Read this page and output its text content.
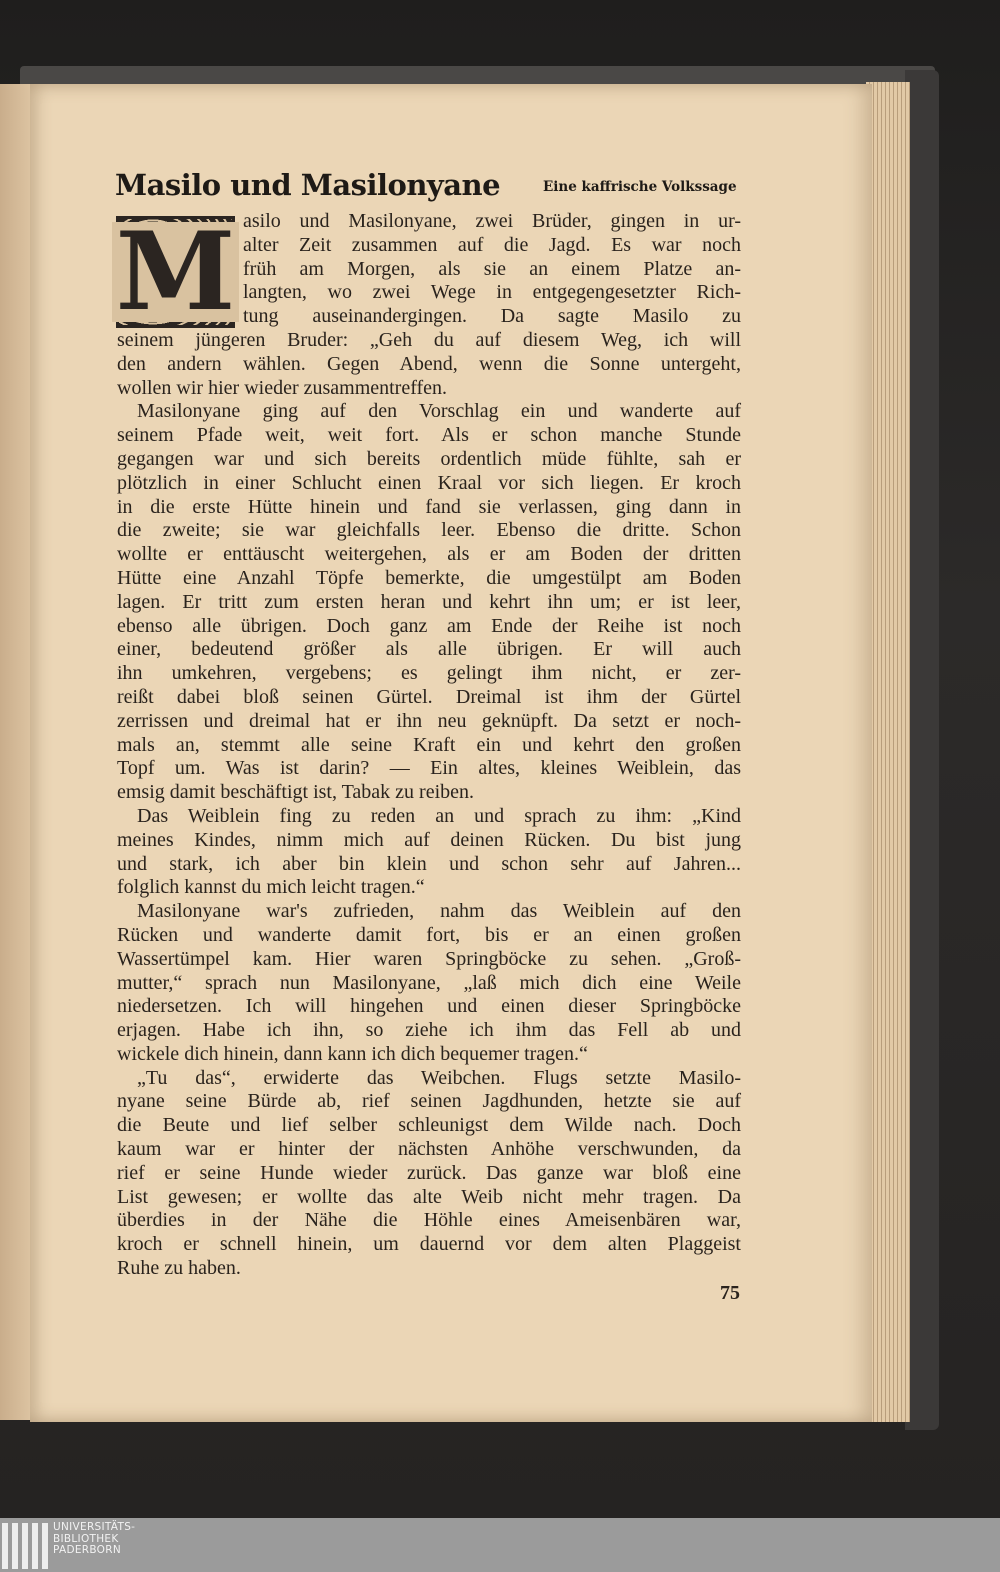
Masilo und Masilonyane	Eine kaffrische Volkssage
M asilo und Masilonyane, zwei Brüder, gingen in ur-
alter Zeit zusammen auf die Jagd. Es war noch
früh am Morgen, als sie an einem Platze an-
langten, wo zwei Wege in entgegengesetzter Rich-
tung auseinandergingen. Da sagte Masilo zu
seinem jüngeren Bruder: „Geh du auf diesem Weg, ich will
den andern wählen. Gegen Abend, wenn die Sonne untergeht,
wollen wir hier wieder zusammentreffen.
Masilonyane ging auf den Vorschlag ein und wanderte auf
seinem Pfade weit, weit fort. Als er schon manche Stunde
gegangen war und sich bereits ordentlich müde fühlte, sah er
plötzlich in einer Schlucht einen Kraal vor sich liegen. Er kroch
in die erste Hütte hinein und fand sie verlassen, ging dann in
die zweite; sie war gleichfalls leer. Ebenso die dritte. Schon
wollte er enttäuscht weitergehen, als er am Boden der dritten
Hütte eine Anzahl Töpfe bemerkte, die umgestülpt am Boden
lagen. Er tritt zum ersten heran und kehrt ihn um; er ist leer,
ebenso alle übrigen. Doch ganz am Ende der Reihe ist noch
einer, bedeutend größer als alle übrigen. Er will auch
ihn umkehren, vergebens; es gelingt ihm nicht, er zer-
reißt dabei bloß seinen Gürtel. Dreimal ist ihm der Gürtel
zerrissen und dreimal hat er ihn neu geknüpft. Da setzt er noch-
mals an, stemmt alle seine Kraft ein und kehrt den großen
Topf um. Was ist darin? — Ein altes, kleines Weiblein, das
emsig damit beschäftigt ist, Tabak zu reiben.
Das Weiblein fing zu reden an und sprach zu ihm: „Kind
meines Kindes, nimm mich auf deinen Rücken. Du bist jung
und stark, ich aber bin klein und schon sehr auf Jahren...
folglich kannst du mich leicht tragen.“
Masilonyane war's zufrieden, nahm das Weiblein auf den
Rücken und wanderte damit fort, bis er an einen großen
Wassertümpel kam. Hier waren Springböcke zu sehen. „Groß-
mutter,“ sprach nun Masilonyane, „laß mich dich eine Weile
niedersetzen. Ich will hingehen und einen dieser Springböcke
erjagen. Habe ich ihn, so ziehe ich ihm das Fell ab und
wickele dich hinein, dann kann ich dich bequemer tragen.“
„Tu das“, erwiderte das Weibchen. Flugs setzte Masilo-
nyane seine Bürde ab, rief seinen Jagdhunden, hetzte sie auf
die Beute und lief selber schleunigst dem Wilde nach. Doch
kaum war er hinter der nächsten Anhöhe verschwunden, da
rief er seine Hunde wieder zurück. Das ganze war bloß eine
List gewesen; er wollte das alte Weib nicht mehr tragen. Da
überdies in der Nähe die Höhle eines Ameisenbären war,
kroch er schnell hinein, um dauernd vor dem alten Plaggeist
Ruhe zu haben.
75
UNIVERSITÄTS-
BIBLIOTHEK
PADERBORN
